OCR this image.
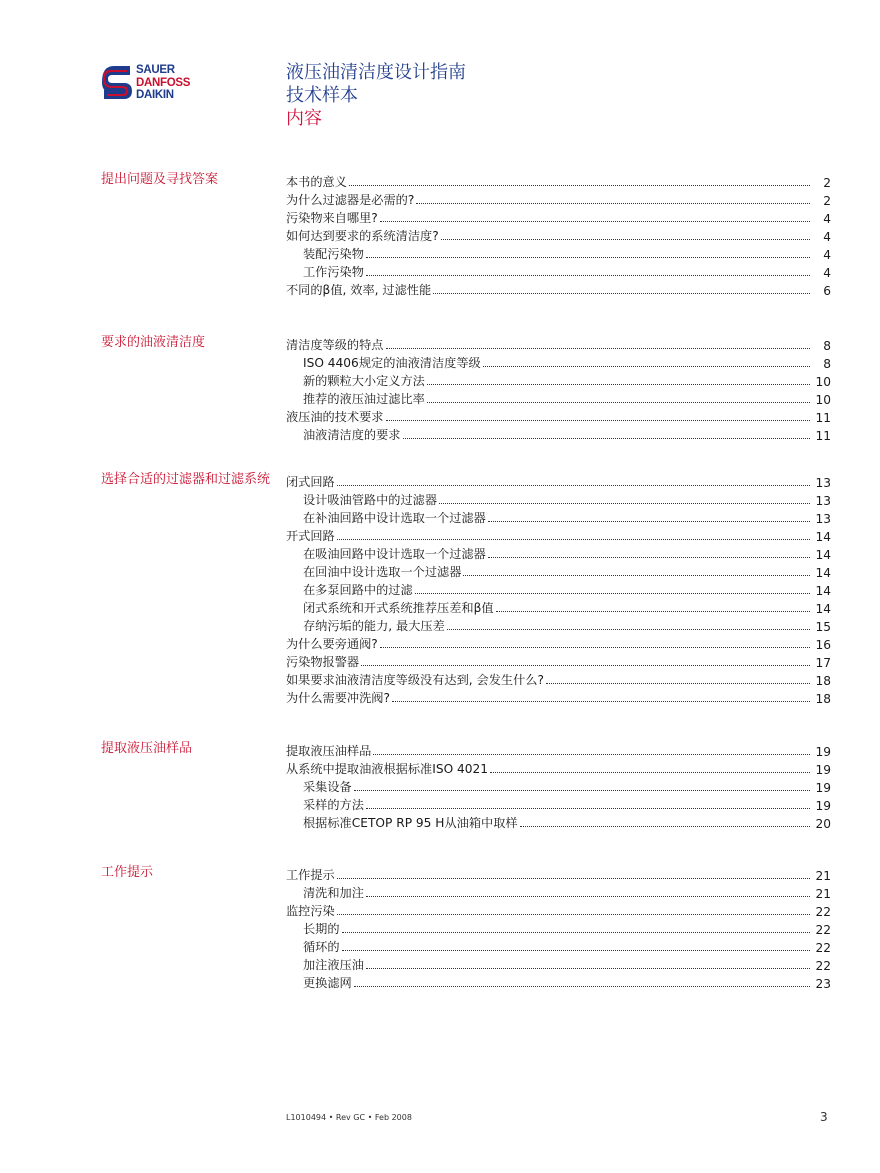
SAUER
DANFOSS
DAIKIN
液压油清洁度设计指南
技术样本
内容
提出问题及寻找答案	本书的意义	2
为什么过滤器是必需的?	2
污染物来自哪里?	4
如何达到要求的系统清洁度?	4
装配污染物	4
工作污染物	4
不同的β值, 效率, 过滤性能	6
要求的油液清洁度	清洁度等级的特点	8
ISO 4406规定的油液清洁度等级	8
新的颗粒大小定义方法	10
推荐的液压油过滤比率	10
液压油的技术要求	11
油液清洁度的要求	11
选择合适的过滤器和过滤系统	闭式回路	13
设计吸油管路中的过滤器	13
在补油回路中设计选取一个过滤器	13
开式回路	14
在吸油回路中设计选取一个过滤器	14
在回油中设计选取一个过滤器	14
在多泵回路中的过滤	14
闭式系统和开式系统推荐压差和β值	14
存纳污垢的能力, 最大压差	15
为什么要旁通阀?	16
污染物报警器	17
如果要求油液清洁度等级没有达到, 会发生什么?	18
为什么需要冲洗阀?	18
提取液压油样品	提取液压油样品	19
从系统中提取油液根据标准ISO 4021	19
采集设备	19
采样的方法	19
根据标准CETOP RP 95 H从油箱中取样	20
工作提示	工作提示	21
清洗和加注	21
监控污染	22
长期的	22
循环的	22
加注液压油	22
更换滤网	23
L1010494 • Rev GC • Feb 2008	3
